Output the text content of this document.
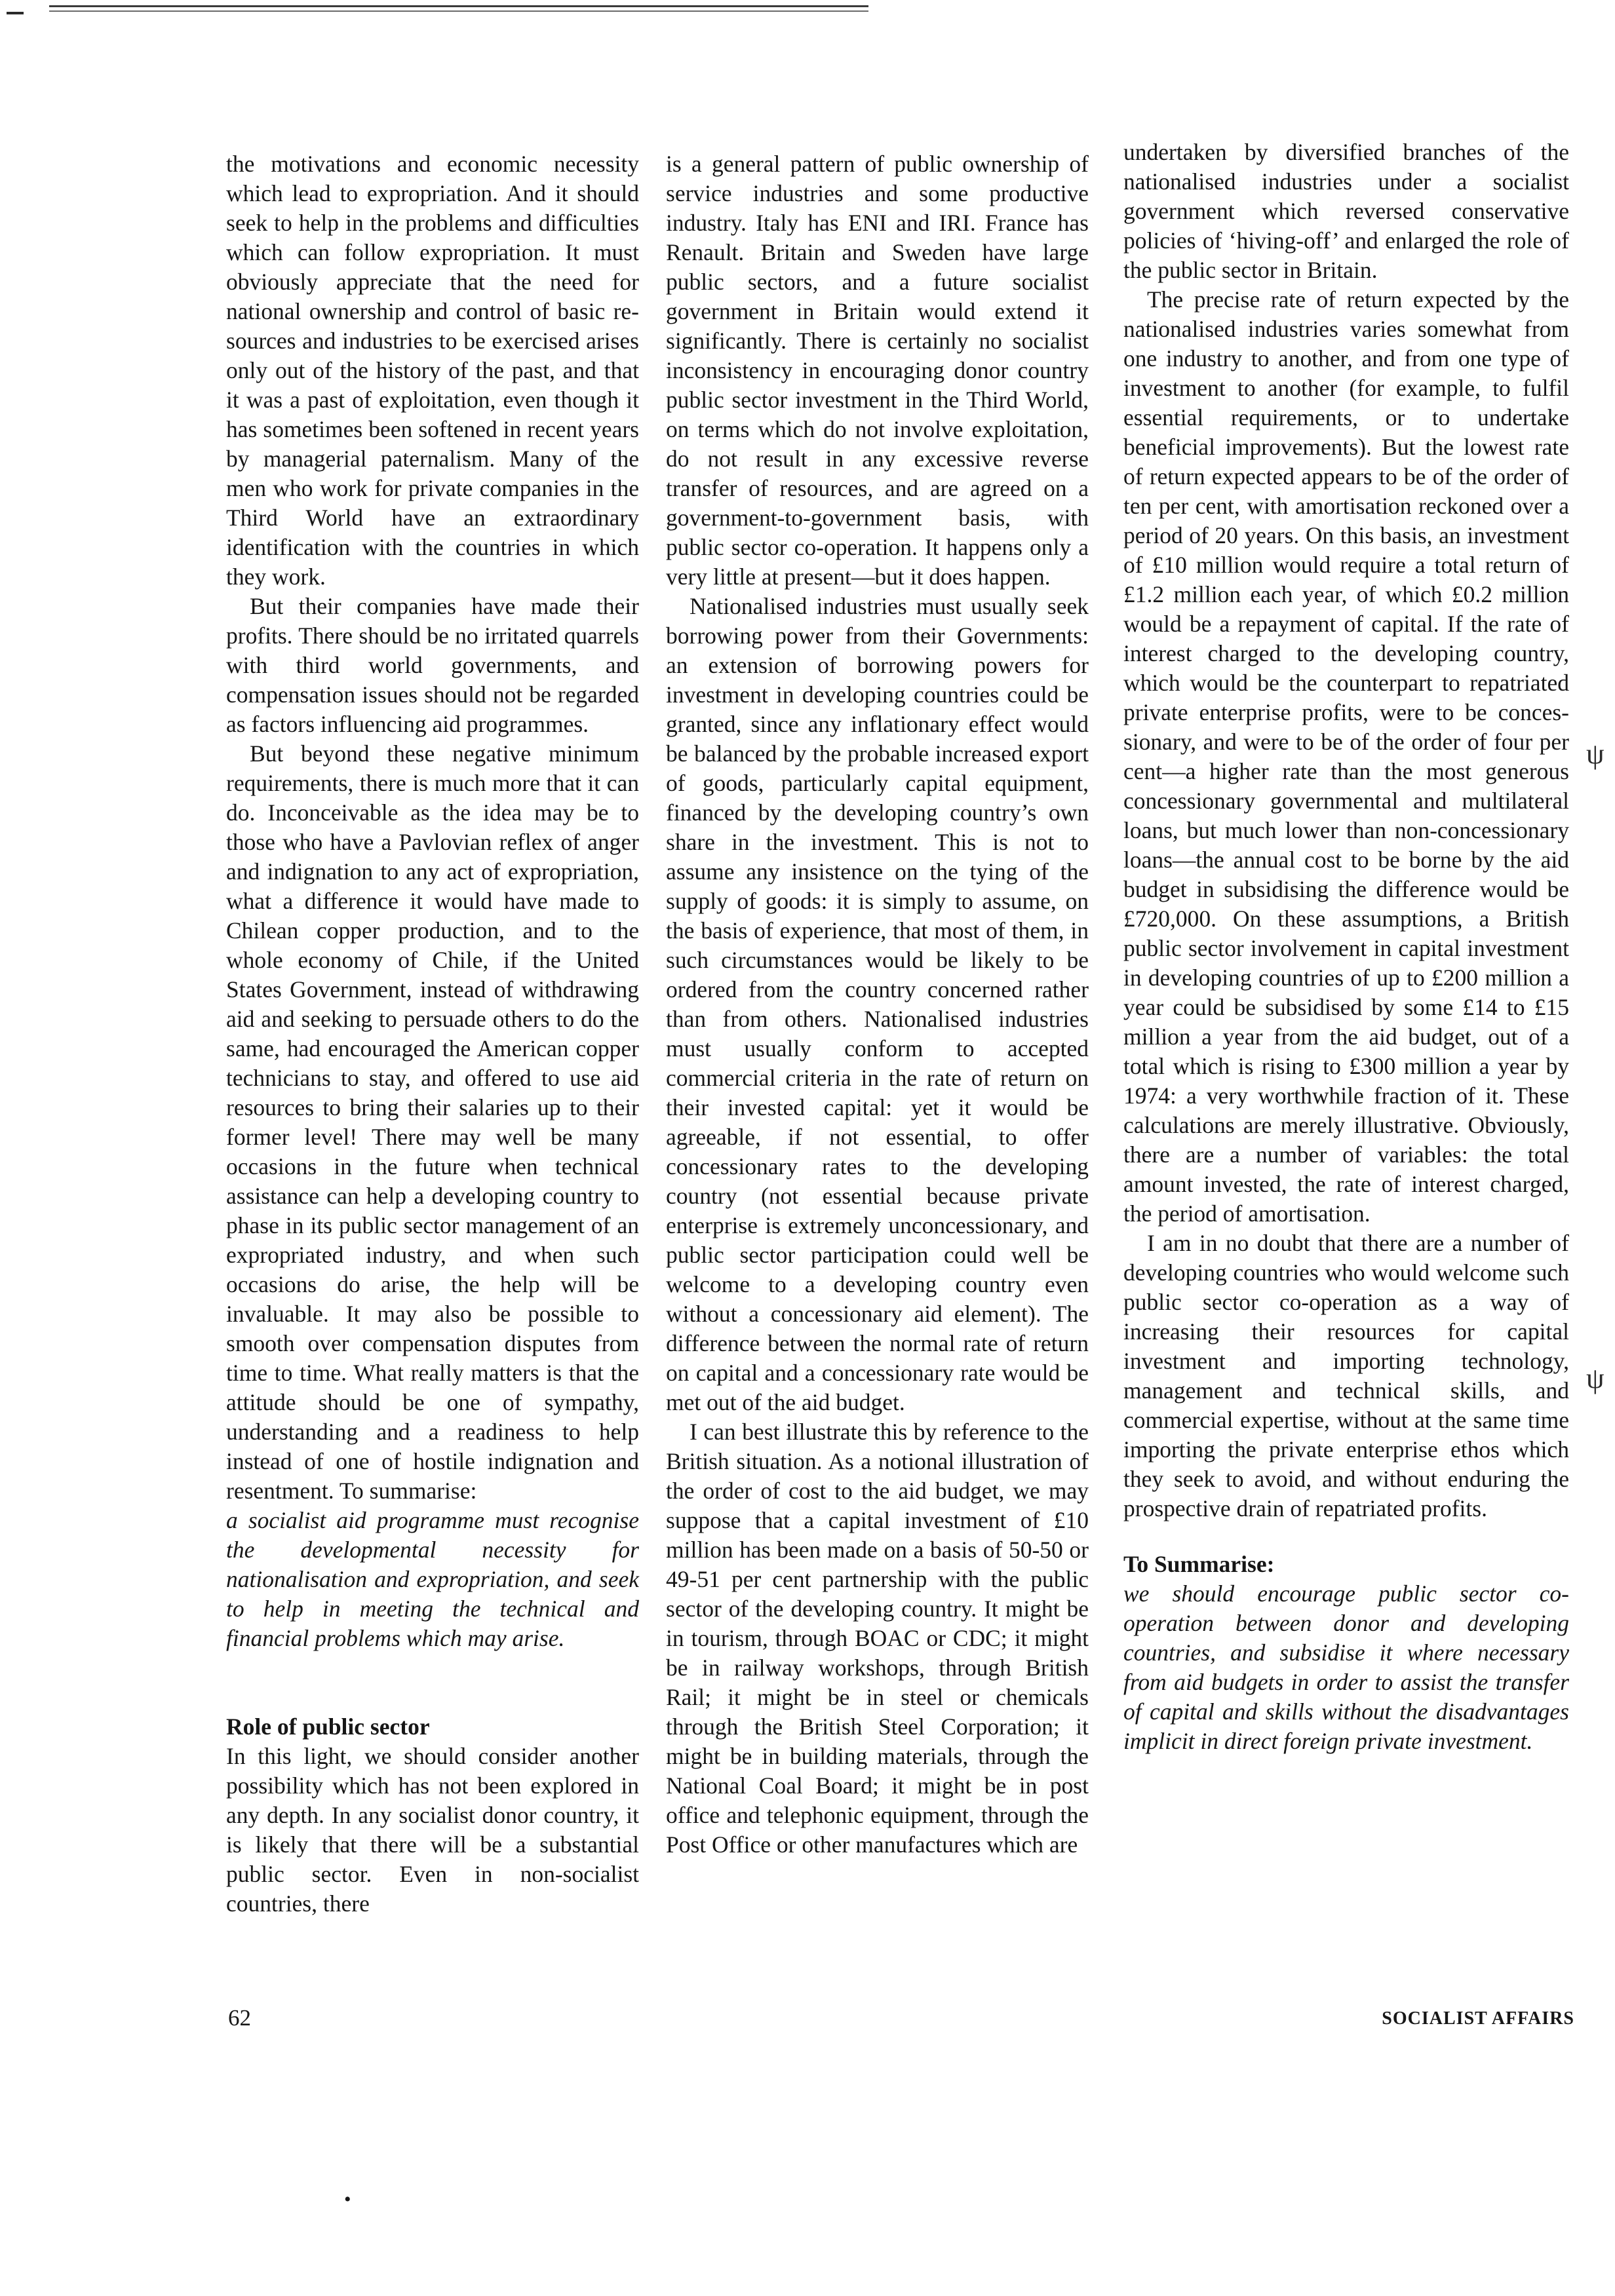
the motivations and economic necessity which lead to expropriation. And it should seek to help in the problems and difficulties which can follow expropriation. It must obviously appreciate that the need for national ownership and control of basic resources and industries to be exercised arises only out of the history of the past, and that it was a past of exploitation, even though it has sometimes been softened in recent years by managerial paternalism. Many of the men who work for private companies in the Third World have an extraordinary identification with the countries in which they work.

But their companies have made their profits. There should be no irritated quarrels with third world governments, and compensation issues should not be regarded as factors influencing aid programmes.

But beyond these negative minimum requirements, there is much more that it can do. Inconceivable as the idea may be to those who have a Pavlovian reflex of anger and indignation to any act of expropriation, what a difference it would have made to Chilean copper production, and to the whole economy of Chile, if the United States Government, instead of withdrawing aid and seeking to persuade others to do the same, had encouraged the American copper technicians to stay, and offered to use aid resources to bring their salaries up to their former level! There may well be many occasions in the future when technical assistance can help a developing country to phase in its public sector management of an expropriated industry, and when such occasions do arise, the help will be invaluable. It may also be possible to smooth over compensation disputes from time to time. What really matters is that the attitude should be one of sympathy, understanding and a readiness to help instead of one of hostile indignation and resentment. To summarise:

a socialist aid programme must recognise the developmental necessity for nationalisation and expropriation, and seek to help in meeting the technical and financial problems which may arise.

Role of public sector

In this light, we should consider another possibility which has not been explored in any depth. In any socialist donor country, it is likely that there will be a substantial public sector. Even in non-socialist countries, there

is a general pattern of public ownership of service industries and some productive industry. Italy has ENI and IRI. France has Renault. Britain and Sweden have large public sectors, and a future socialist government in Britain would extend it significantly. There is certainly no socialist inconsistency in encouraging donor country public sector investment in the Third World, on terms which do not involve exploitation, do not result in any excessive reverse transfer of resources, and are agreed on a government-to-government basis, with public sector co-operation. It happens only a very little at present—but it does happen.

Nationalised industries must usually seek borrowing power from their Governments: an extension of borrowing powers for investment in developing countries could be granted, since any inflationary effect would be balanced by the probable increased export of goods, particularly capital equipment, financed by the developing country’s own share in the investment. This is not to assume any insistence on the tying of the supply of goods: it is simply to assume, on the basis of experience, that most of them, in such circumstances would be likely to be ordered from the country concerned rather than from others. Nationalised industries must usually conform to accepted commercial criteria in the rate of return on their invested capital: yet it would be agreeable, if not essential, to offer concessionary rates to the developing country (not essential because private enterprise is extremely unconcessionary, and public sector participation could well be welcome to a developing country even without a concessionary aid element). The difference between the normal rate of return on capital and a concessionary rate would be met out of the aid budget.

I can best illustrate this by reference to the British situation. As a notional illustration of the order of cost to the aid budget, we may suppose that a capital investment of £10 million has been made on a basis of 50-50 or 49-51 per cent partnership with the public sector of the developing country. It might be in tourism, through BOAC or CDC; it might be in railway workshops, through British Rail; it might be in steel or chemicals through the British Steel Corporation; it might be in building materials, through the National Coal Board; it might be in post office and telephonic equipment, through the Post Office or other manufactures which are

undertaken by diversified branches of the nationalised industries under a socialist government which reversed conservative policies of ‘hiving-off’ and enlarged the role of the public sector in Britain.

The precise rate of return expected by the nationalised industries varies somewhat from one industry to another, and from one type of investment to another (for example, to fulfil essential requirements, or to undertake beneficial improvements). But the lowest rate of return expected appears to be of the order of ten per cent, with amortisation reckoned over a period of 20 years. On this basis, an investment of £10 million would require a total return of £1.2 million each year, of which £0.2 million would be a repayment of capital. If the rate of interest charged to the developing country, which would be the counterpart to repatriated private enterprise profits, were to be concessionary, and were to be of the order of four per cent—a higher rate than the most generous concessionary governmental and multilateral loans, but much lower than non-concessionary loans—the annual cost to be borne by the aid budget in subsidising the difference would be £720,000. On these assumptions, a British public sector involvement in capital investment in developing countries of up to £200 million a year could be subsidised by some £14 to £15 million a year from the aid budget, out of a total which is rising to £300 million a year by 1974: a very worthwhile fraction of it. These calculations are merely illustrative. Obviously, there are a number of variables: the total amount invested, the rate of interest charged, the period of amortisation.

I am in no doubt that there are a number of developing countries who would welcome such public sector co-operation as a way of increasing their resources for capital investment and importing technology, management and technical skills, and commercial expertise, without at the same time importing the private enterprise ethos which they seek to avoid, and without enduring the prospective drain of repatriated profits.

To Summarise:

we should encourage public sector co-operation between donor and developing countries, and subsidise it where necessary from aid budgets in order to assist the transfer of capital and skills without the disadvantages implicit in direct foreign private investment.

62	SOCIALIST AFFAIRS
•
ψ
ψ
